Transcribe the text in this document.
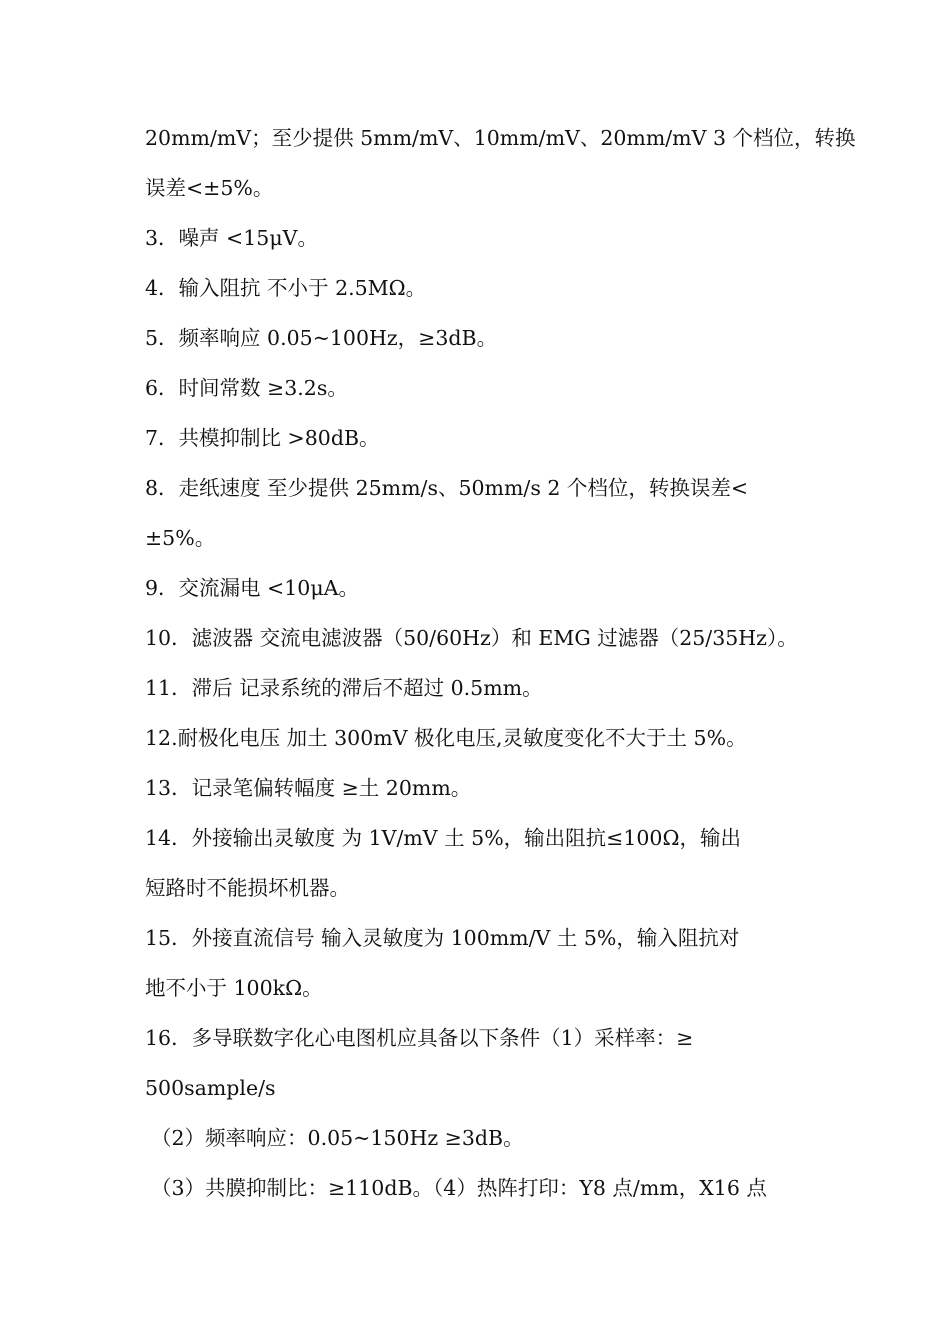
20mm/mV；至少提供 5mm/mV、10mm/mV、20mm/mV 3 个档位，转换
误差<±5%。
3．噪声 <15μV。
4．输入阻抗 不小于 2.5MΩ。
5．频率响应 0.05~100Hz，≥3dB。
6．时间常数 ≥3.2s。
7．共模抑制比 >80dB。
8．走纸速度 至少提供 25mm/s、50mm/s 2 个档位，转换误差<
±5%。
9．交流漏电 <10μA。
10．滤波器 交流电滤波器（50/60Hz）和 EMG 过滤器（25/35Hz）。
11．滞后 记录系统的滞后不超过 0.5mm。
12.耐极化电压 加土 300mV 极化电压,灵敏度变化不大于土 5%。
13．记录笔偏转幅度 ≥土 20mm。
14．外接输出灵敏度 为 1V/mV 土 5%，输出阻抗≤100Ω，输出
短路时不能损坏机器。
15．外接直流信号 输入灵敏度为 100mm/V 土 5%，输入阻抗对
地不小于 100kΩ。
16．多导联数字化心电图机应具备以下条件（1）采样率：≥
500sample/s
（2）频率响应：0.05~150Hz ≥3dB。
（3）共膜抑制比：≥110dB。（4）热阵打印：Y8 点/mm，X16 点
